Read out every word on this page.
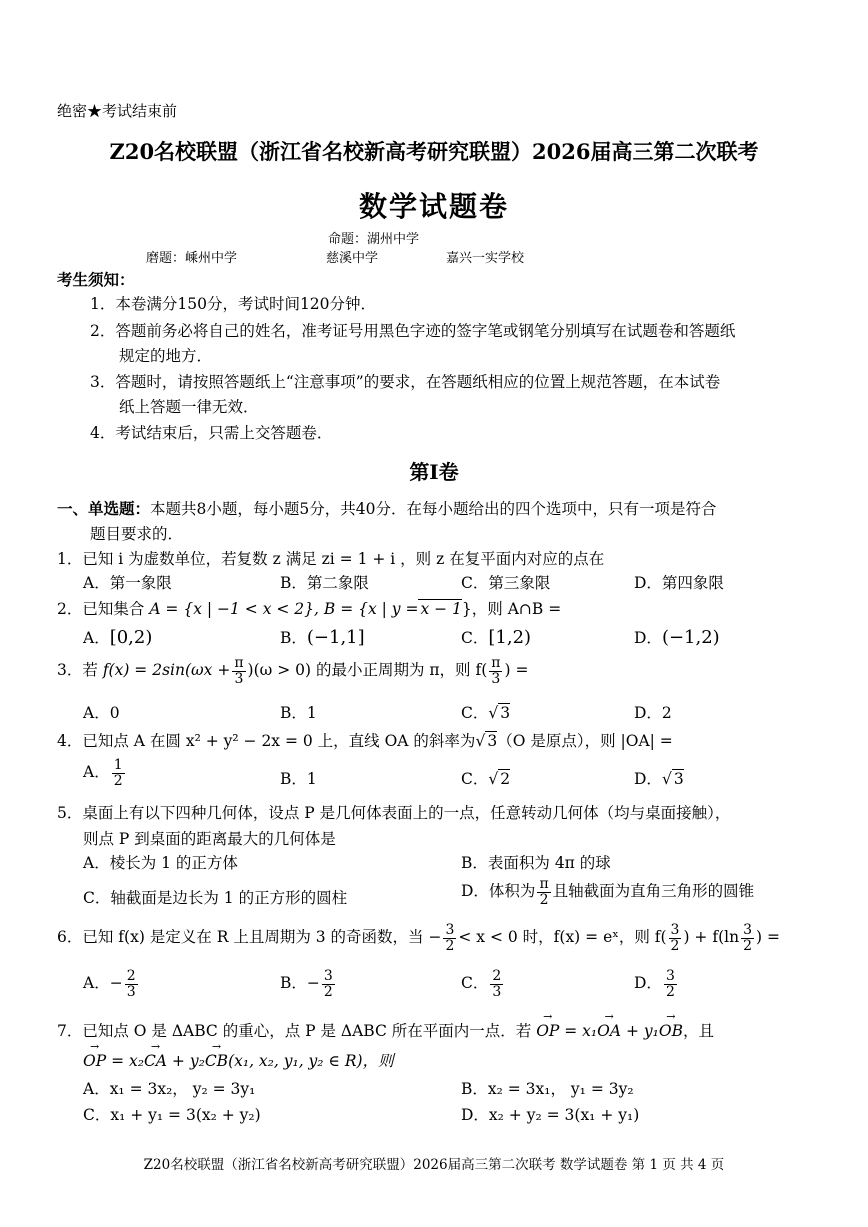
绝密★考试结束前
Z20名校联盟（浙江省名校新高考研究联盟）2026届高三第二次联考
数学试题卷
命题：湖州中学
磨题：嵊州中学	慈溪中学	嘉兴一实学校
考生须知：
1．本卷满分150分，考试时间120分钟．
2．答题前务必将自己的姓名，准考证号用黑色字迹的签字笔或钢笔分别填写在试题卷和答题纸
规定的地方．
3．答题时，请按照答题纸上“注意事项”的要求，在答题纸相应的位置上规范答题，在本试卷
纸上答题一律无效．
4．考试结束后，只需上交答题卷．
第Ⅰ卷
一、单选题：本题共8小题，每小题5分，共40分．在每小题给出的四个选项中，只有一项是符合
题目要求的．
1．已知 i 为虚数单位，若复数 z 满足 zi = 1 + i ，则 z 在复平面内对应的点在
A．第一象限	B．第二象限	C．第三象限	D．第四象限
2．已知集合 A = {x | −1 < x < 2}, B = {x | y = x − 1}，则 A∩B =
A．[0,2)	B．(−1,1]	C．[1,2)	D．(−1,2)
3．若 $f(x) = 2\sin(\omega x + \frac{\pi}{3} )(\omega > 0)$ 的最小正周期为 π，则 $f( \frac{\pi}{3}$ ) =
A．0	B．1	C．√ 3	D．2
4．已知点 A 在圆 x² + y² − 2x = 0 上，直线 OA 的斜率为√ 3（O 是原点），则 |OA| =
A． $\frac{1}{2}$	B．1	C．√ 2	D．√ 3
5．桌面上有以下四种几何体，设点 P 是几何体表面上的一点，任意转动几何体（均与桌面接触），
则点 P 到桌面的距离最大的几何体是
A．棱长为 1 的正方体	B．表面积为 4π 的球
C．轴截面是边长为 1 的正方形的圆柱	D．体积为 $\frac{\pi}{2}$ 且轴截面为直角三角形的圆锥
6．已知 f(x) 是定义在 R 上且周期为 3 的奇函数，当 − $\frac{3}{2} < x < 0$ 时，f(x) = eˣ，则 $f( \frac{3}{2}$ ) + $f(\ln \frac{3}{2}$ ) =
A．− $\frac{2}{3}$	B．− $\frac{3}{2}$	C． $\frac{2}{3}$	D． $\frac{3}{2}$
7．已知点 O 是 ΔABC 的重心，点 P 是 ΔABC 所在平面内一点．若 → OP = x₁→ OA + y₁→ OB，且
→ OP = x₂→ CA + y₂→ CB(x₁, x₂, y₁, y₂ ∈ R)，则
A．x₁ = 3x₂， y₂ = 3y₁	B．x₂ = 3x₁， y₁ = 3y₂
C．x₁ + y₁ = 3(x₂ + y₂)	D．x₂ + y₂ = 3(x₁ + y₁)
Z20名校联盟（浙江省名校新高考研究联盟）2026届高三第二次联考 数学试题卷 第 1 页 共 4 页
